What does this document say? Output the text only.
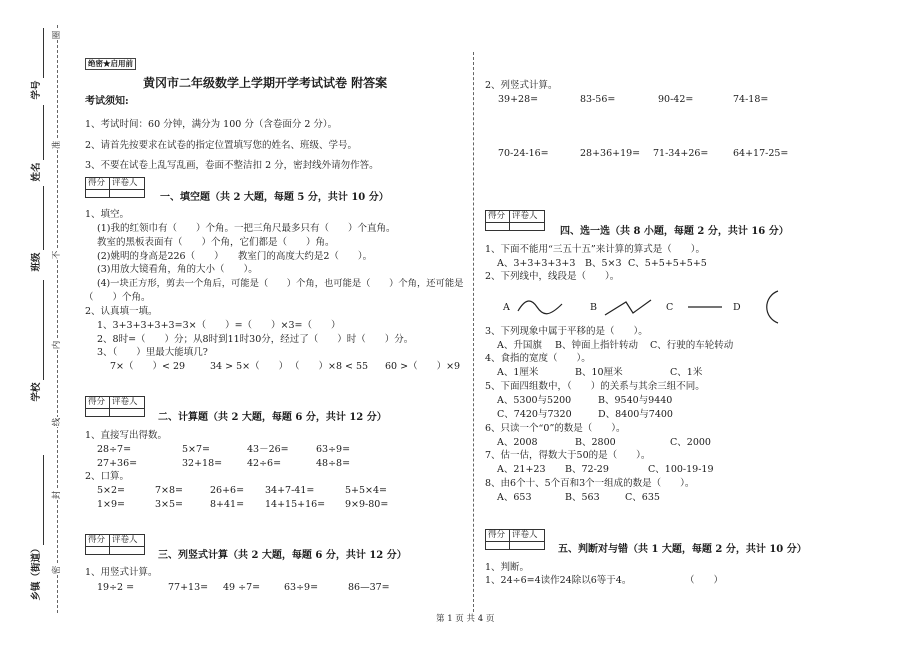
学号
姓名
班级
学校
乡镇（街道）
圈
准
不
内
线
封
密
绝密★启用前
黄冈市二年级数学上学期开学考试试卷 附答案
考试须知:
1、考试时间：60 分钟，满分为 100 分（含卷面分 2 分）。
2、请首先按要求在试卷的指定位置填写您的姓名、班级、学号。
3、不要在试卷上乱写乱画，卷面不整洁扣 2 分，密封线外请勿作答。
得分	评卷人

一、填空题（共 2 大题，每题 5 分，共计 10 分）
1、填空。
(1)我的红领巾有（　　）个角。一把三角尺最多只有（　　）个直角。
教室的黑板表面有（　　）个角，它们都是（　　）角。
(2)姚明的身高是226（　　）　　教室门的高度大约是2（　　）。
(3)用放大镜看角，角的大小（　　）。
(4)一块正方形，剪去一个角后，可能是（　　）个角，也可能是（　　）个角，还可能是
（　　）个角。
2、认真填一填。
1、3+3+3+3+3=3×（　　）=（　　）×3=（　　）
2、8时=（　　）分；从8时到11时30分，经过了（　　）时（　　）分。
3、（　　）里最大能填几?
7×（　　）< 29	34 > 5×（　　） （　　）×8 < 55 60 >（　　）×9
得分	评卷人

二、计算题（共 2 大题，每题 6 分，共计 12 分）
1、直接写出得数。
28÷7=	5×7=	43－26=	63÷9=
27+36=	32+18=	42÷6=	48÷8=
2、口算。
5×2=	7×8=	26+6= 34+7-41=	5+5×4=
1×9=	3×5=	8+41= 14+15+16= 9×9-80=
得分	评卷人

三、列竖式计算（共 2 大题，每题 6 分，共计 12 分）
1、用竖式计算。
19÷2 =	77+13= 49 ÷7=	63÷9=	86—37=
2、列竖式计算。
39+28=	83-56=	90-42=	74-18=
70-24-16=	28+36+19= 71-34+26=	64+17-25=
得分	评卷人

四、选一选（共 8 小题，每题 2 分，共计 16 分）
1、下面不能用“三五十五”来计算的算式是（　　）。
A、3+3+3+3+3 B、5×3 C、5+5+5+5+5
2、下列线中，线段是（　　）。
A	B	C	D
3、下列现象中属于平移的是（　　）。
A、升国旗 B、钟面上指针转动 C、行驶的车轮转动
4、食指的宽度（　　）。
A、1厘米	B、10厘米	C、1米
5、下面四组数中，（　　）的关系与其余三组不同。
A、5300与5200	B、9540与9440
C、7420与7320	D、8400与7400
6、只读一个“0”的数是（　　）。
A、2008	B、2800	C、2000
7、估一估，得数大于50的是（　　）。
A、21+23 B、72-29	C、100-19-19
8、由6个十、5个百和3个一组成的数是（　　）。
A、653	B、563	C、635
得分	评卷人

五、判断对与错（共 1 大题，每题 2 分，共计 10 分）
1、判断。
1、24÷6=4读作24除以6等于4。	（　　）
第 1 页 共 4 页
